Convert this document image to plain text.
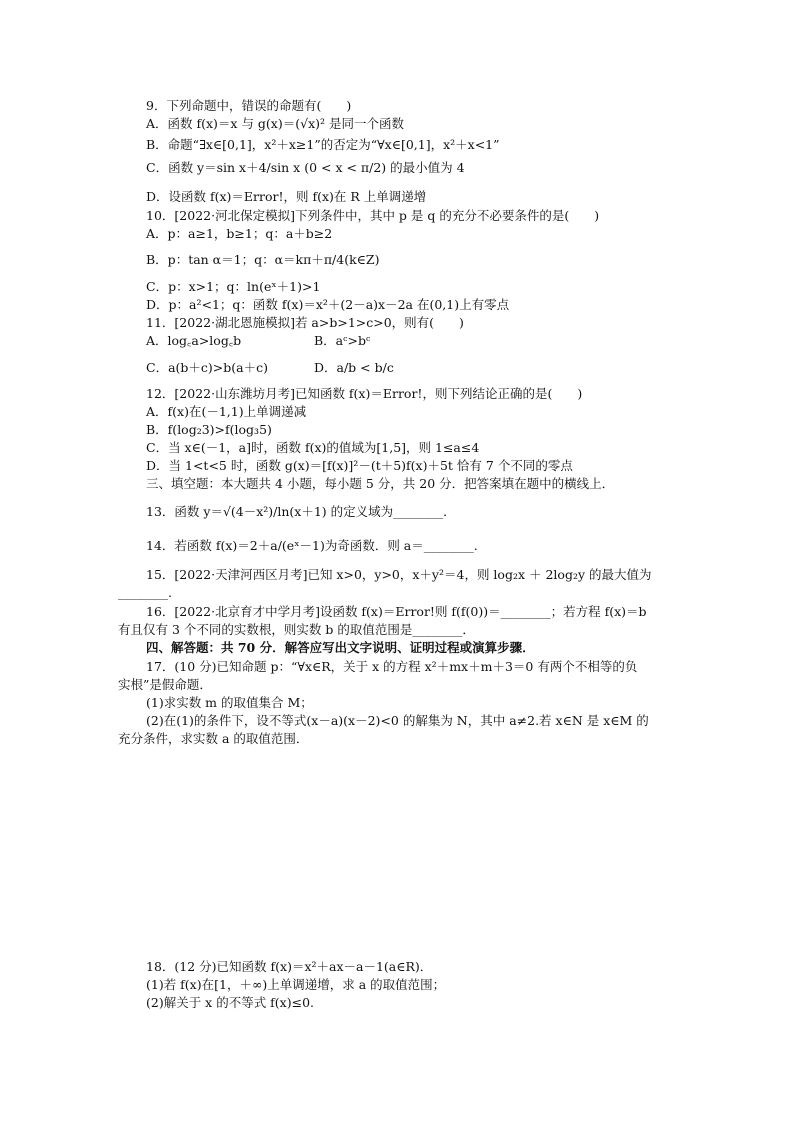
9．下列命题中，错误的命题有(　　)
A．函数 f(x)＝x 与 g(x)＝(√x)² 是同一个函数
B．命题“∃x∈[0,1]，x²＋x≥1”的否定为“∀x∈[0,1]，x²＋x<1”
C．函数 y＝sin x＋4/sin x (0 < x < π/2) 的最小值为 4
D．设函数 f(x)＝Error!，则 f(x)在 R 上单调递增
10．[2022·河北保定模拟]下列条件中，其中 p 是 q 的充分不必要条件的是(　　)
A．p：a≥1，b≥1；q：a＋b≥2
B．p：tan α＝1；q：α＝kπ＋π/4(k∈Z)
C．p：x>1；q：ln(eˣ＋1)>1
D．p：a²<1；q：函数 f(x)＝x²＋(2－a)x－2a 在(0,1)上有零点
11．[2022·湖北恩施模拟]若 a>b>1>c>0，则有(　　)
A．log꜀a>log꜀b	B．aᶜ>bᶜ
C．a(b＋c)>b(a＋c)	D．a/b < b/c
12．[2022·山东潍坊月考]已知函数 f(x)＝Error!，则下列结论正确的是(　　)
A．f(x)在(－1,1)上单调递减
B．f(log₂3)>f(log₃5)
C．当 x∈(－1，a]时，函数 f(x)的值域为[1,5]，则 1≤a≤4
D．当 1<t<5 时，函数 g(x)＝[f(x)]²－(t＋5)f(x)＋5t 恰有 7 个不同的零点
三、填空题：本大题共 4 小题，每小题 5 分，共 20 分．把答案填在题中的横线上．
13．函数 y＝√(4－x²)/ln(x＋1) 的定义域为________．
14．若函数 f(x)＝2＋a/(eˣ－1)为奇函数．则 a＝________.
15．[2022·天津河西区月考]已知 x>0，y>0，x＋y²＝4，则 log₂x ＋ 2log₂y 的最大值为
________.
16．[2022·北京育才中学月考]设函数 f(x)＝Error!则 f(f(0))＝________；若方程 f(x)＝b
有且仅有 3 个不同的实数根，则实数 b 的取值范围是________．
四、解答题：共 70 分．解答应写出文字说明、证明过程或演算步骤．
17．(10 分)已知命题 p：“∀x∈R，关于 x 的方程 x²＋mx＋m＋3＝0 有两个不相等的负
实根”是假命题．
(1)求实数 m 的取值集合 M；
(2)在(1)的条件下，设不等式(x－a)(x－2)<0 的解集为 N，其中 a≠2.若 x∈N 是 x∈M 的
充分条件，求实数 a 的取值范围．
18．(12 分)已知函数 f(x)＝x²＋ax－a－1(a∈R)．
(1)若 f(x)在[1，＋∞)上单调递增，求 a 的取值范围；
(2)解关于 x 的不等式 f(x)≤0.
